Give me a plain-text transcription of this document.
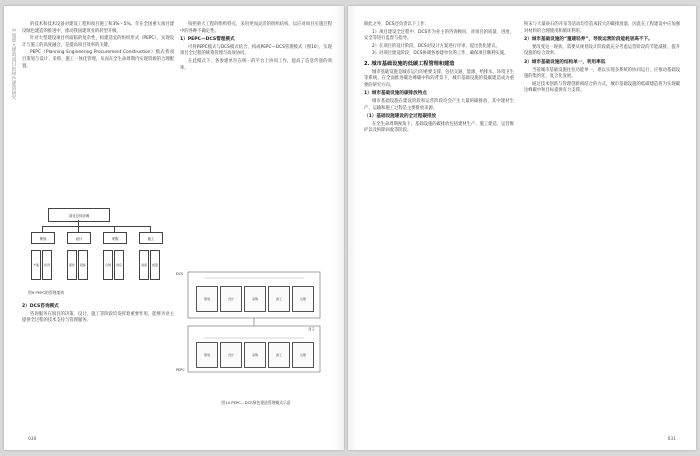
中国重大建筑项目的绿色建造研究

的技术和技术设备对建设工程和项目施工和3%～5%。年在全国重大项目建设绿色建造的推进中，推动我国建筑业的转型升级。

针对大型建设项目所面临的复杂性，构建适宜的组织形式（PEPC），实现设计与施工的高度融合，是提高项目效率的关键。

PEPC（Planning Engineering Procurement Construction）模式将项目策划与设计、采购、施工一体化管理，从而在全生命周期内实现资源的合理配置。

项目总体协调
策划	设计	采购	施工
方案	初设	深化	招标	合同	供应	进度	质量
图9 PEPC的管理架构
2）DCS咨询模式

咨询服务在项目的决策、设计、施工等阶段均发挥着重要作用，能够为业主提供全过程的技术支持与管理服务。

按照重大工程的组织特点，采用更加灵活的组织结构，以应对项目实施过程中的各种不确定性。

1）PEPC—DCS管理模式

可将PEPC模式与DCS模式结合，构成PEPC—DCS管理模式（图10），实现项目全过程的统筹管理与高效协同。

在此模式下，各参建单位在统一的平台上协同工作，提高了信息传递的效率。

DCS
业主
PEPC
策划	设计	采购	施工	运维
策划	设计	采购	施工	运维
图10 PEPC—DCS绿色建造管理模式示意
030

除此之外，DCS还负责以下工作：

1）项目建设全过程中，DCS作为业主的咨询顾问，对项目的质量、进度、安全等进行监督与指导。

2）在项目的设计阶段，DCS对设计方案进行评审，提出优化建议。

3）对项目建设阶段，DCS协调各参建单位的工作，确保项目顺利实施。

2. 城市基础设施的低碳工程管理和建造

城市基础设施是城市运行的重要支撑，包括交通、能源、给排水、环境卫生等系统。在全面推进碳达峰碳中和的背景下，城市基础设施的低碳建造成为重要的研究方向。

1）城市基础设施的碳排放特点

城市基础设施在建设阶段和运营阶段均会产生大量的碳排放，其中建材生产、运输和施工过程是主要排放来源。

（1）基础设施建设的全过程碳排放

在全生命周期视角下，基础设施的碳排放包括建材生产、施工建造、运营维护以及拆除回收等阶段。

粉末与大量砂石的开采等活动均会造成较大的碳排放量，因此在工程建设中应加强对材料的合理使用和循环利用。

2）城市基础设施的“重建轻养”，导致运营阶段能耗居高不下。

要改变这一现状，需要从规划设计阶段就充分考虑运营阶段的节能减排，提升设施的综合效率。

3）城市基础设施的结构单一，利用率低

当前城市基础设施往往功能单一，难以实现多系统的协同运行，应推动基础设施的集约化、复合化发展。

通过技术创新与管理创新相结合的方式，城市基础设施的低碳建造将为实现碳达峰碳中和目标提供有力支撑。

031
